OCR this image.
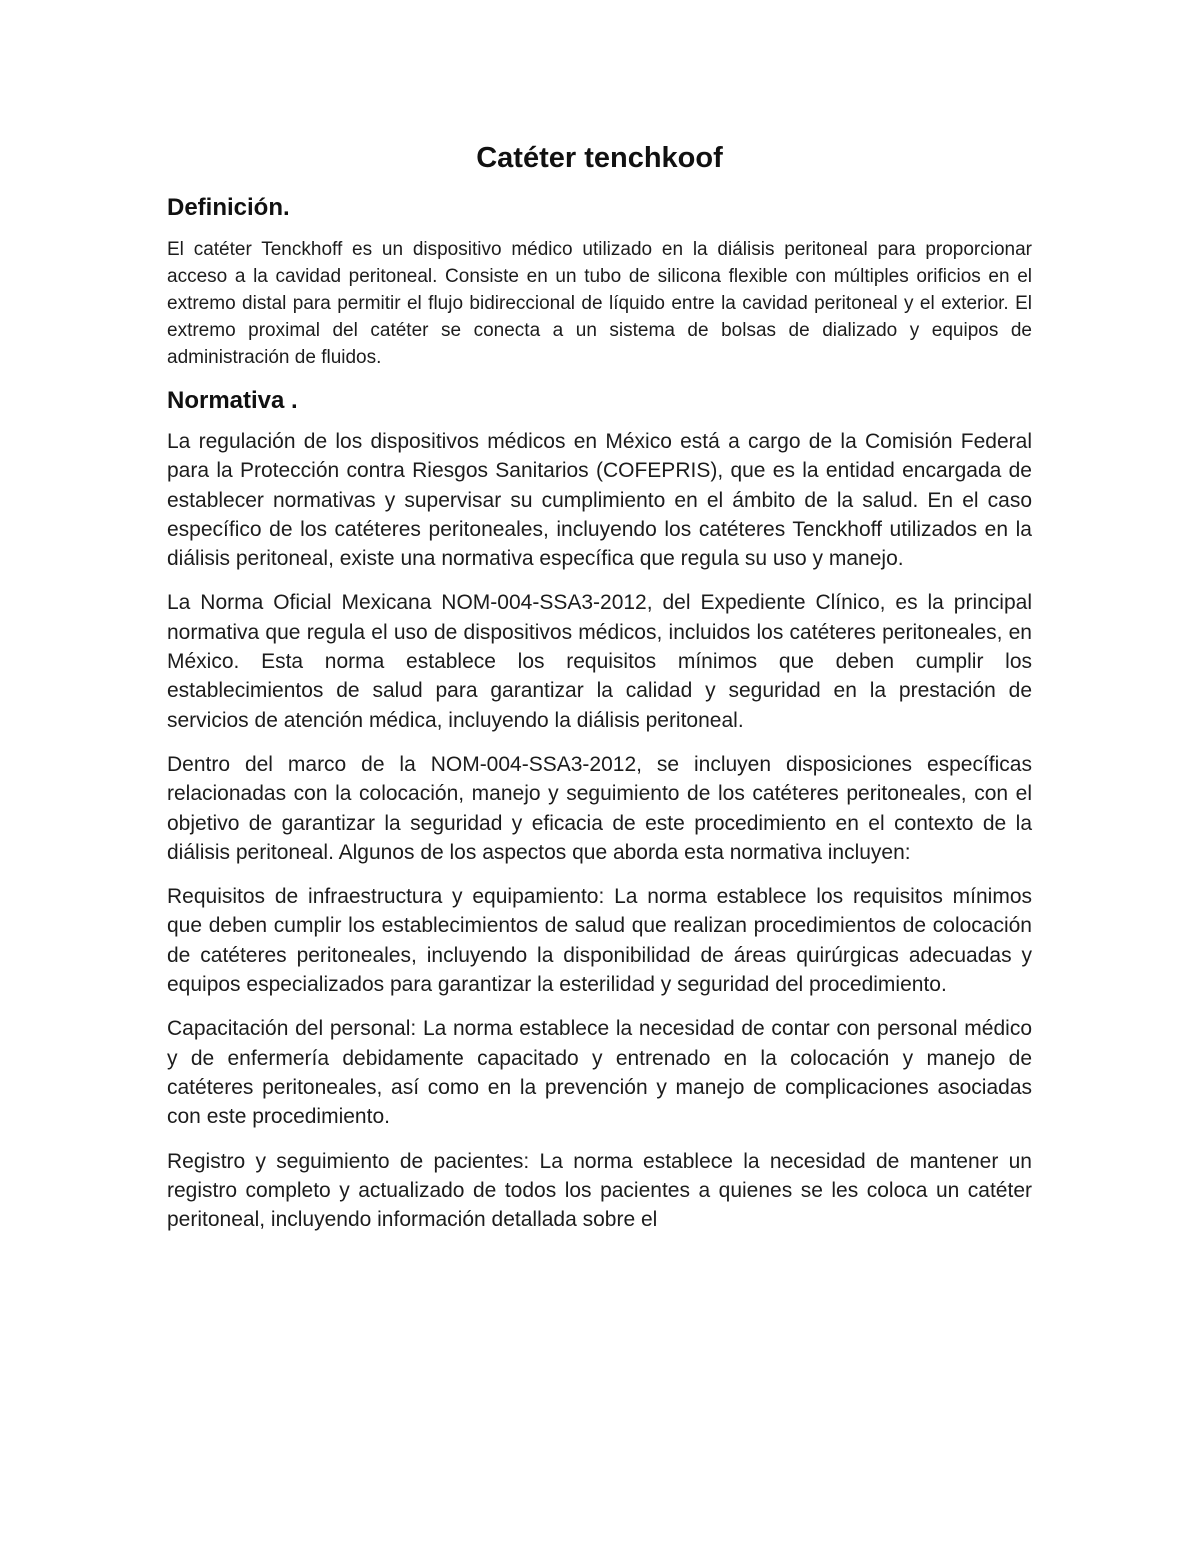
Catéter tenchkoof
Definición.

El catéter Tenckhoff es un dispositivo médico utilizado en la diálisis peritoneal para proporcionar acceso a la cavidad peritoneal. Consiste en un tubo de silicona flexible con múltiples orificios en el extremo distal para permitir el flujo bidireccional de líquido entre la cavidad peritoneal y el exterior. El extremo proximal del catéter se conecta a un sistema de bolsas de dializado y equipos de administración de fluidos.

Normativa .

La regulación de los dispositivos médicos en México está a cargo de la Comisión Federal para la Protección contra Riesgos Sanitarios (COFEPRIS), que es la entidad encargada de establecer normativas y supervisar su cumplimiento en el ámbito de la salud. En el caso específico de los catéteres peritoneales, incluyendo los catéteres Tenckhoff utilizados en la diálisis peritoneal, existe una normativa específica que regula su uso y manejo.

La Norma Oficial Mexicana NOM-004-SSA3-2012, del Expediente Clínico, es la principal normativa que regula el uso de dispositivos médicos, incluidos los catéteres peritoneales, en México. Esta norma establece los requisitos mínimos que deben cumplir los establecimientos de salud para garantizar la calidad y seguridad en la prestación de servicios de atención médica, incluyendo la diálisis peritoneal.

Dentro del marco de la NOM-004-SSA3-2012, se incluyen disposiciones específicas relacionadas con la colocación, manejo y seguimiento de los catéteres peritoneales, con el objetivo de garantizar la seguridad y eficacia de este procedimiento en el contexto de la diálisis peritoneal. Algunos de los aspectos que aborda esta normativa incluyen:

Requisitos de infraestructura y equipamiento: La norma establece los requisitos mínimos que deben cumplir los establecimientos de salud que realizan procedimientos de colocación de catéteres peritoneales, incluyendo la disponibilidad de áreas quirúrgicas adecuadas y equipos especializados para garantizar la esterilidad y seguridad del procedimiento.

Capacitación del personal: La norma establece la necesidad de contar con personal médico y de enfermería debidamente capacitado y entrenado en la colocación y manejo de catéteres peritoneales, así como en la prevención y manejo de complicaciones asociadas con este procedimiento.

Registro y seguimiento de pacientes: La norma establece la necesidad de mantener un registro completo y actualizado de todos los pacientes a quienes se les coloca un catéter peritoneal, incluyendo información detallada sobre el
